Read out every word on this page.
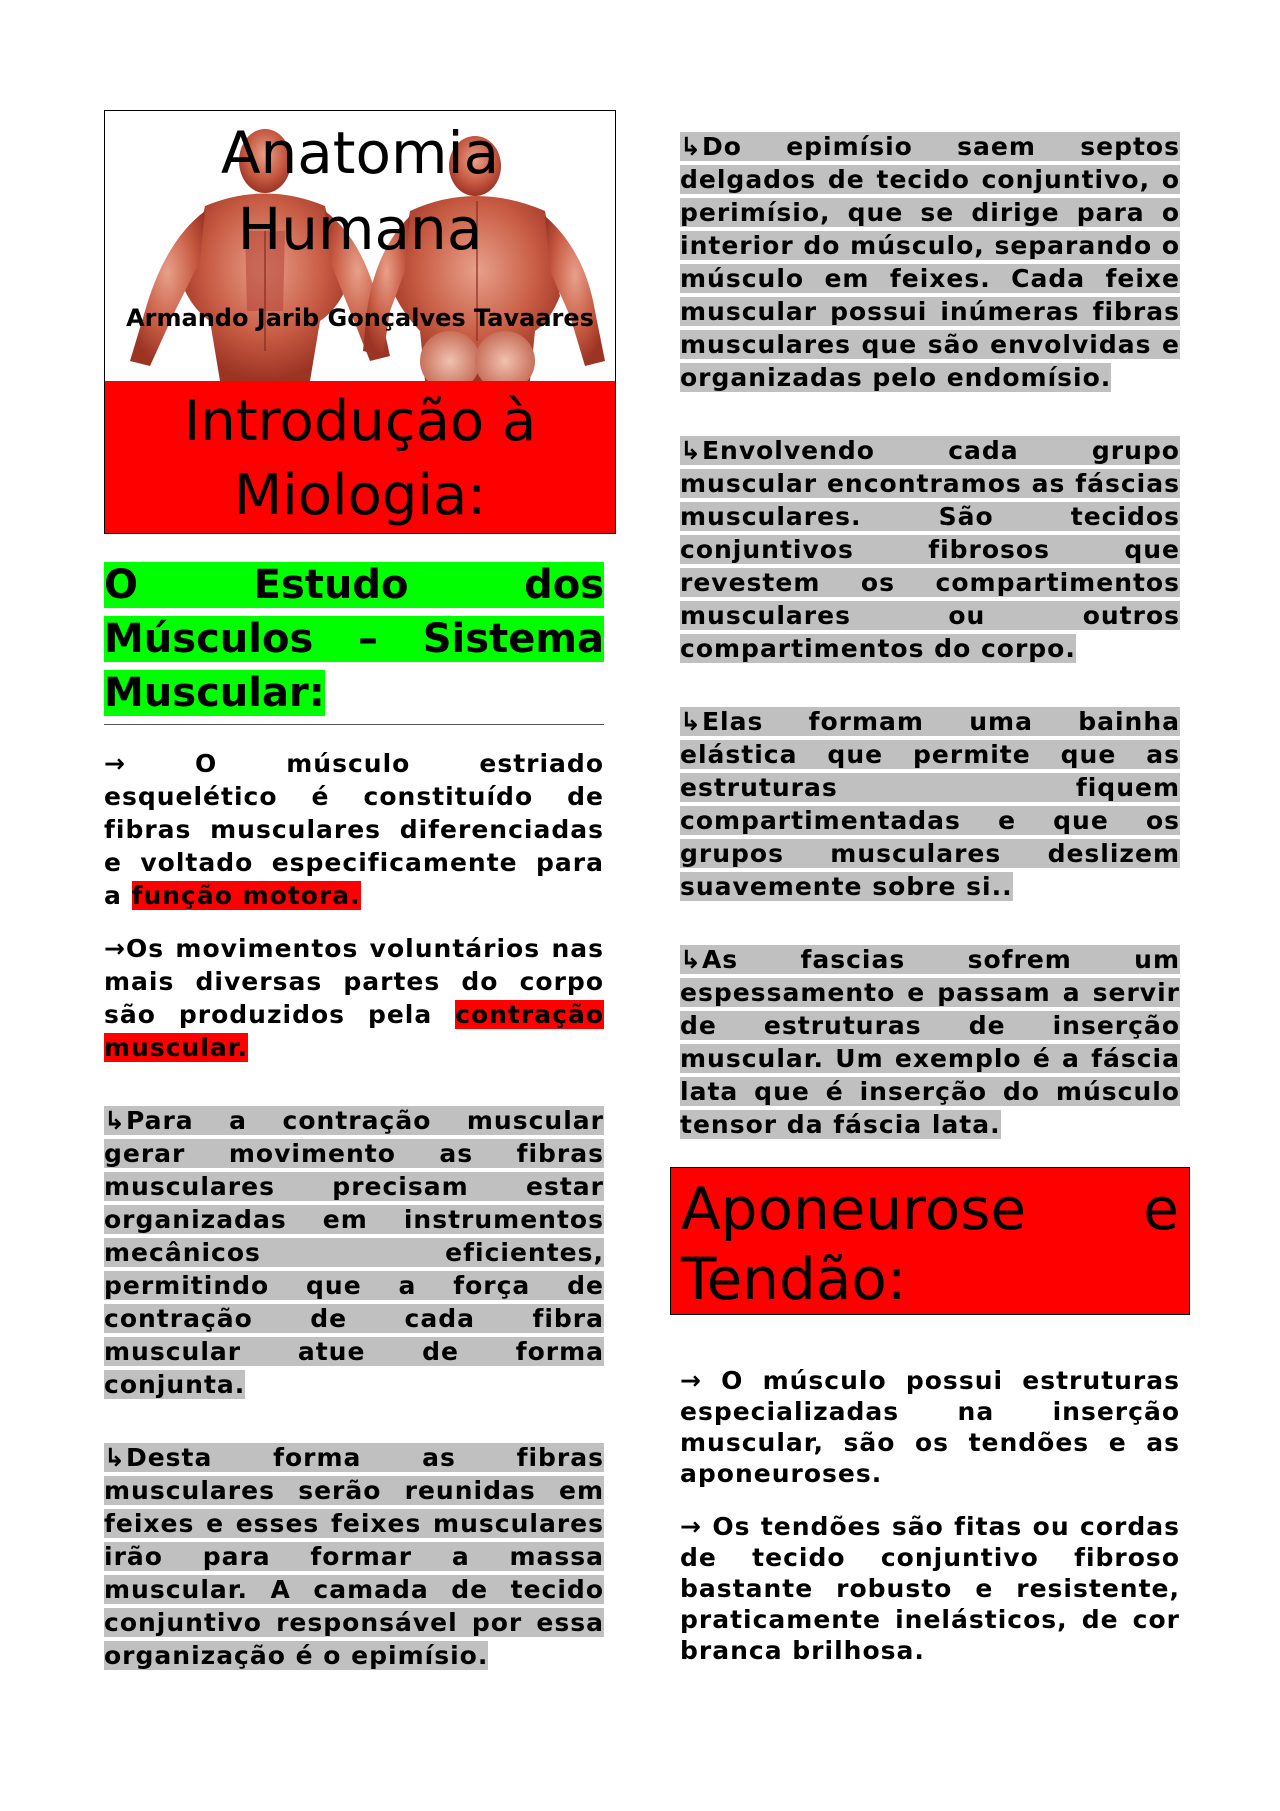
Anatomia Humana
Armando Jarib Gonçalves Tavaares
Introdução à Miologia:
O Estudo dos Músculos – Sistema Muscular:
→ O músculo estriado esquelético é constituído de fibras musculares diferenciadas e voltado especificamente para a função motora.
→Os movimentos voluntários nas mais diversas partes do corpo são produzidos pela contração muscular.
↳Para a contração muscular gerar movimento as fibras musculares precisam estar organizadas em instrumentos mecânicos eficientes, permitindo que a força de contração de cada fibra muscular atue de forma conjunta.
↳Desta forma as fibras musculares serão reunidas em feixes e esses feixes musculares irão para formar a massa muscular. A camada de tecido conjuntivo responsável por essa organização é o epimísio.
↳Do epimísio saem septos delgados de tecido conjuntivo, o perimísio, que se dirige para o interior do músculo, separando o músculo em feixes. Cada feixe muscular possui inúmeras fibras musculares que são envolvidas e organizadas pelo endomísio.
↳Envolvendo cada grupo muscular encontramos as fáscias musculares. São tecidos conjuntivos fibrosos que revestem os compartimentos musculares ou outros compartimentos do corpo.
↳Elas formam uma bainha elástica que permite que as estruturas fiquem compartimentadas e que os grupos musculares deslizem suavemente sobre si..
↳As fascias sofrem um espessamento e passam a servir de estruturas de inserção muscular. Um exemplo é a fáscia lata que é inserção do músculo tensor da fáscia lata.
Aponeurose e Tendão:
→ O músculo possui estruturas especializadas na inserção muscular, são os tendões e as aponeuroses.
→ Os tendões são fitas ou cordas de tecido conjuntivo fibroso bastante robusto e resistente, praticamente inelásticos, de cor branca brilhosa.
